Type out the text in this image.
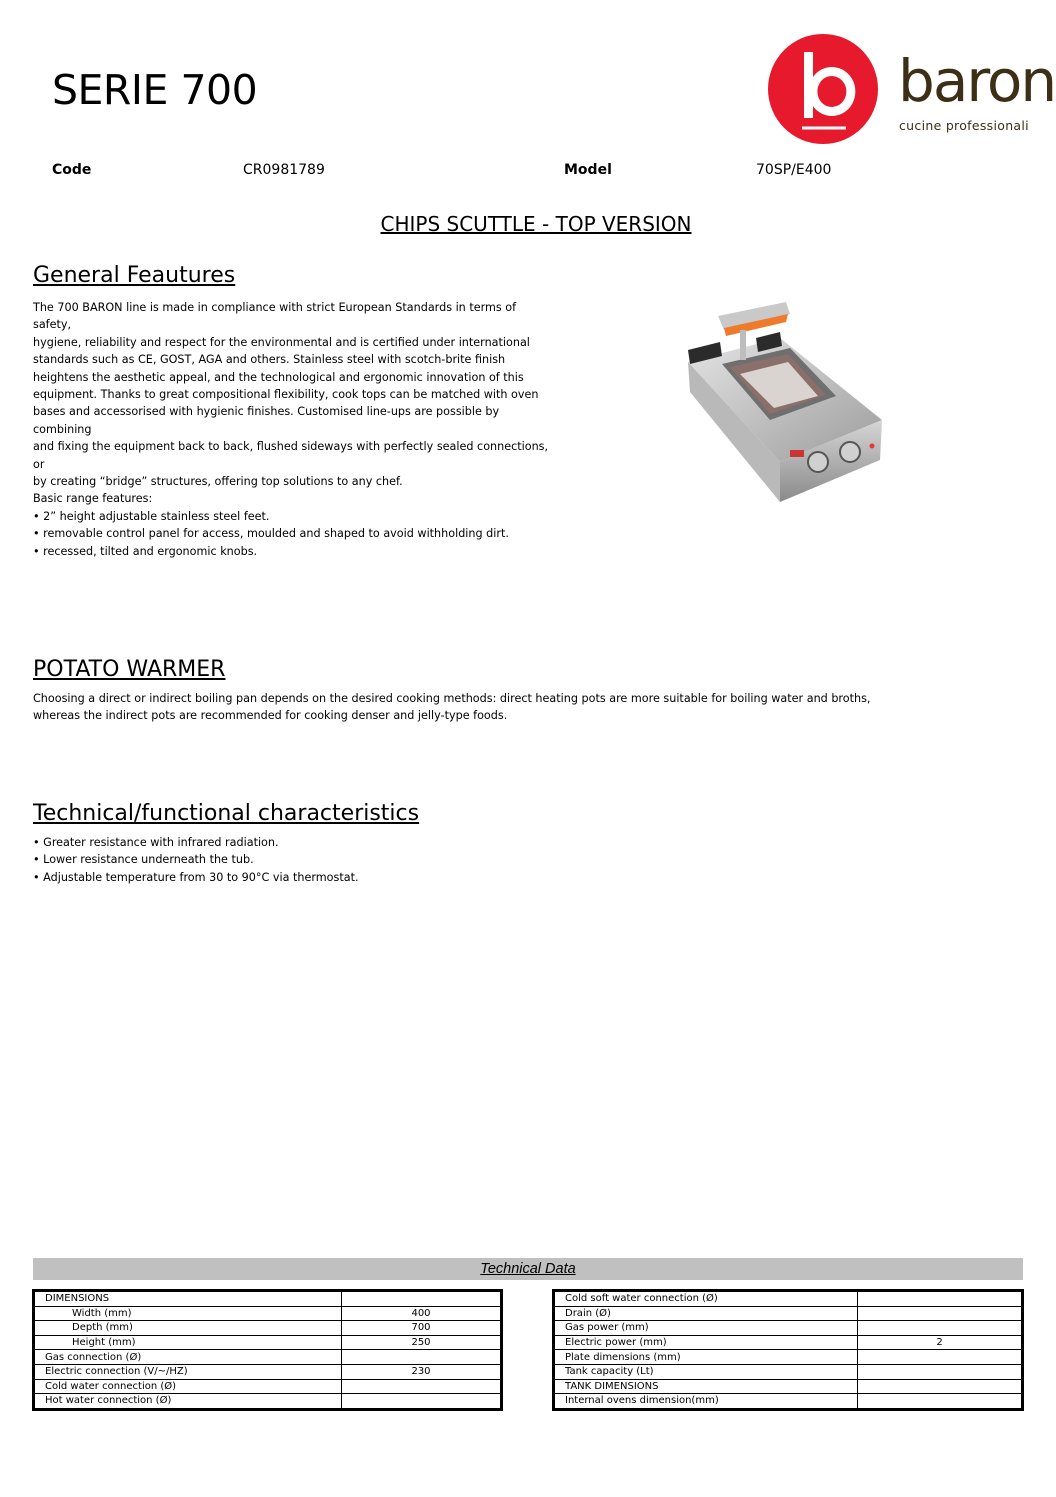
SERIE 700	baron
cucine professionali
Code	CR0981789	Model	70SP/E400
CHIPS SCUTTLE - TOP VERSION
General Feautures

The 700 BARON line is made in compliance with strict European Standards in terms of safety,

hygiene, reliability and respect for the environmental and is certified under international

standards such as CE, GOST, AGA and others. Stainless steel with scotch-brite finish

heightens the aesthetic appeal, and the technological and ergonomic innovation of this

equipment. Thanks to great compositional flexibility, cook tops can be matched with oven

bases and accessorised with hygienic finishes. Customised line-ups are possible by combining

and fixing the equipment back to back, flushed sideways with perfectly sealed connections, or

by creating “bridge” structures, offering top solutions to any chef.

Basic range features:

• 2” height adjustable stainless steel feet.

• removable control panel for access, moulded and shaped to avoid withholding dirt.

• recessed, tilted and ergonomic knobs.

POTATO WARMER

Choosing a direct or indirect boiling pan depends on the desired cooking methods: direct heating pots are more suitable for boiling water and broths,

whereas the indirect pots are recommended for cooking denser and jelly-type foods.

Technical/functional characteristics

• Greater resistance with infrared radiation.

• Lower resistance underneath the tub.

• Adjustable temperature from 30 to 90°C via thermostat.

Technical Data
DIMENSIONS	
Width (mm)	400
Depth (mm)	700
Height (mm)	250
Gas connection (Ø)	
Electric connection (V/~/HZ)	230
Cold water connection (Ø)	
Hot water connection (Ø)	
Cold soft water connection (Ø)	
Drain (Ø)	
Gas power (mm)	
Electric power (mm)	2
Plate dimensions (mm)	
Tank capacity (Lt)	
TANK DIMENSIONS	
Internal ovens dimension(mm)	
